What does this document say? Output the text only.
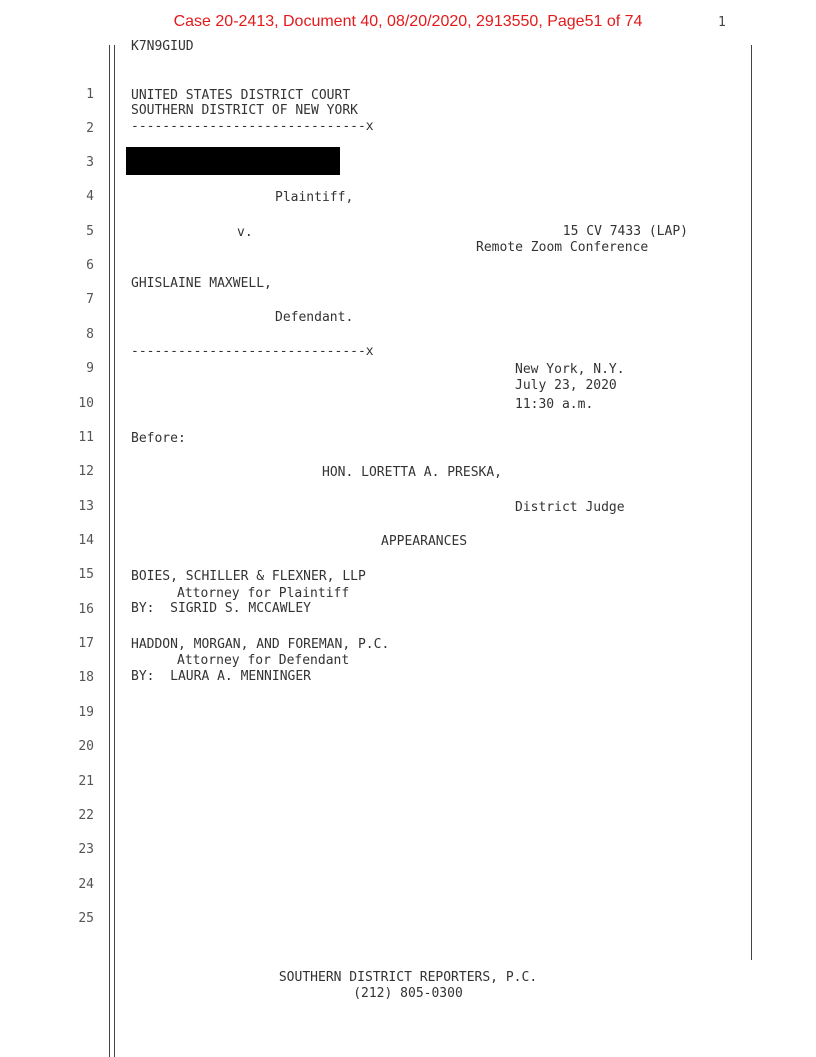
Case 20-2413, Document 40, 08/20/2020, 2913550, Page51 of 74	1
K7N9GIUD
1
2
3
4
5
6
7
8
9
10
11
12
13
14
15
16
17
18
19
20
21
22
23
24
25
UNITED STATES DISTRICT COURT
SOUTHERN DISTRICT OF NEW YORK
------------------------------x
Plaintiff,
v.	15 CV 7433 (LAP)
Remote Zoom Conference
GHISLAINE MAXWELL,
Defendant.
------------------------------x
New York, N.Y.
July 23, 2020
11:30 a.m.
Before:
HON. LORETTA A. PRESKA,
District Judge
APPEARANCES
BOIES, SCHILLER & FLEXNER, LLP
Attorney for Plaintiff
BY:  SIGRID S. MCCAWLEY
HADDON, MORGAN, AND FOREMAN, P.C.
Attorney for Defendant
BY:  LAURA A. MENNINGER
SOUTHERN DISTRICT REPORTERS, P.C.
(212) 805-0300
